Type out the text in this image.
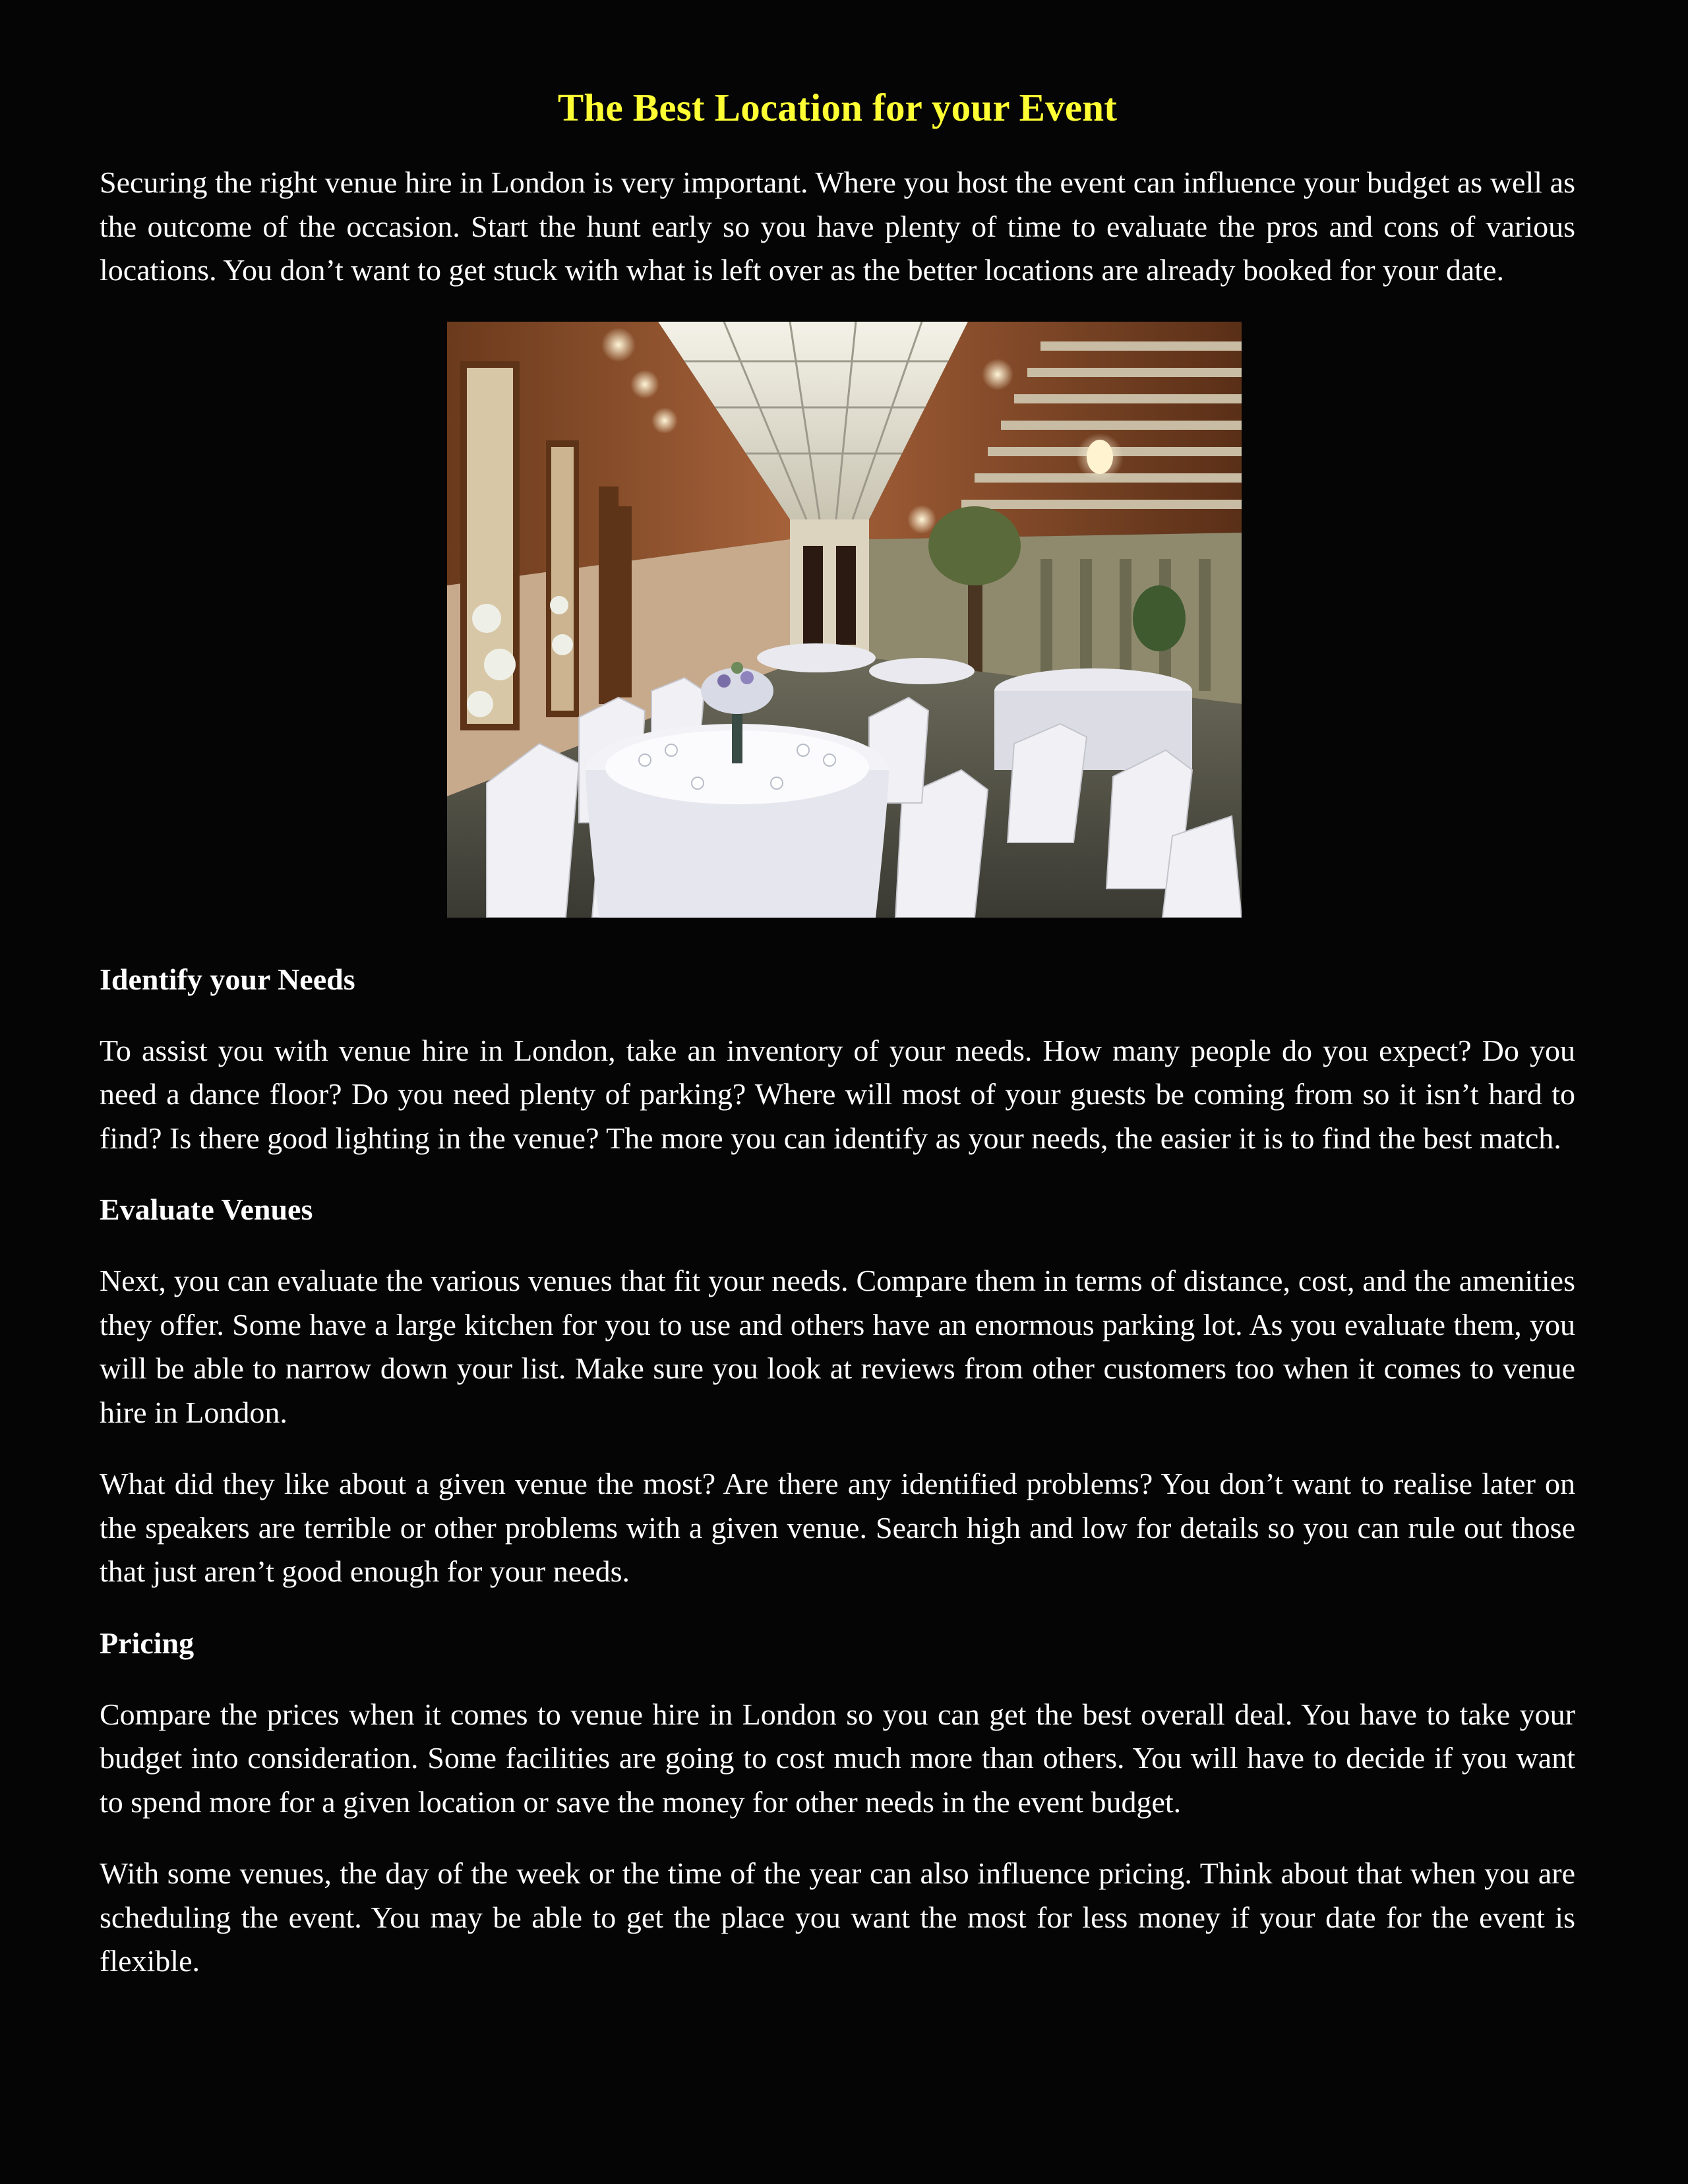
The Best Location for your Event

Securing the right venue hire in London is very important. Where you host the event can influence your budget as well as the outcome of the occasion. Start the hunt early so you have plenty of time to evaluate the pros and cons of various locations. You don’t want to get stuck with what is left over as the better locations are already booked for your date.

Identify your Needs

To assist you with venue hire in London, take an inventory of your needs. How many people do you expect? Do you need a dance floor? Do you need plenty of parking? Where will most of your guests be coming from so it isn’t hard to find? Is there good lighting in the venue? The more you can identify as your needs, the easier it is to find the best match.

Evaluate Venues

Next, you can evaluate the various venues that fit your needs. Compare them in terms of distance, cost, and the amenities they offer. Some have a large kitchen for you to use and others have an enormous parking lot. As you evaluate them, you will be able to narrow down your list. Make sure you look at reviews from other customers too when it comes to venue hire in London.

What did they like about a given venue the most? Are there any identified problems? You don’t want to realise later on the speakers are terrible or other problems with a given venue. Search high and low for details so you can rule out those that just aren’t good enough for your needs.

Pricing

Compare the prices when it comes to venue hire in London so you can get the best overall deal. You have to take your budget into consideration. Some facilities are going to cost much more than others. You will have to decide if you want to spend more for a given location or save the money for other needs in the event budget.

With some venues, the day of the week or the time of the year can also influence pricing. Think about that when you are scheduling the event. You may be able to get the place you want the most for less money if your date for the event is flexible.
